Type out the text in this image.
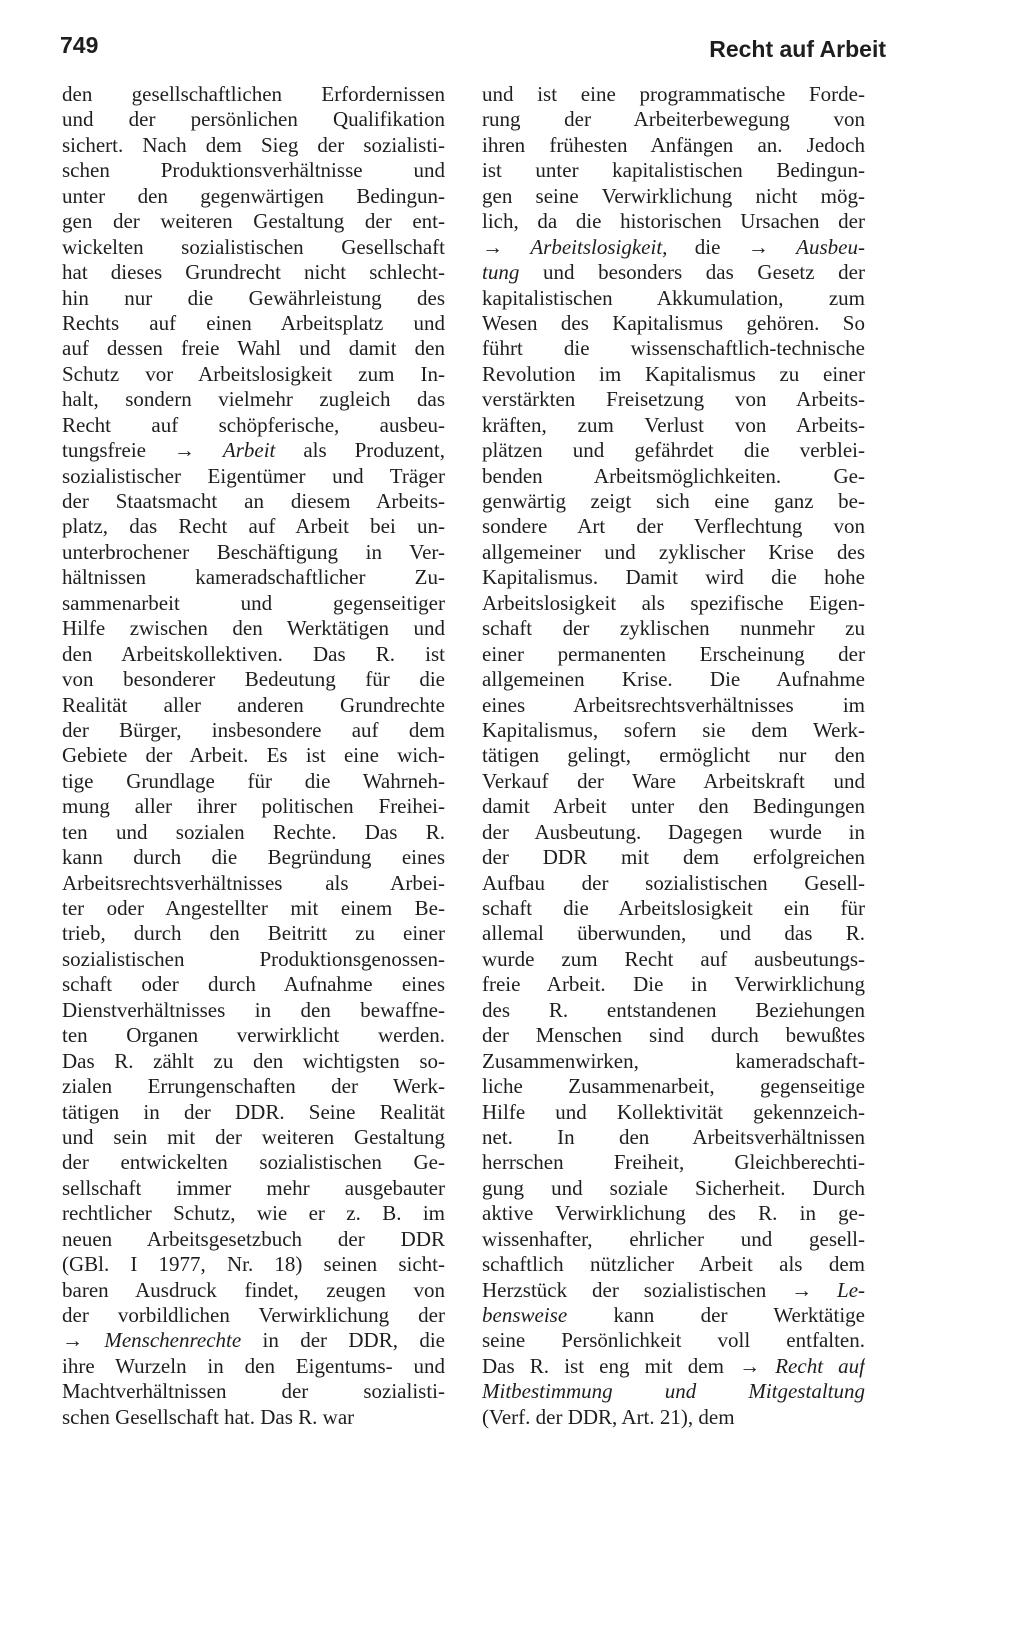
749	Recht auf Arbeit
den gesellschaftlichen Erfordernissen
und der persönlichen Qualifikation
sichert. Nach dem Sieg der sozialisti-
schen Produktionsverhältnisse und
unter den gegenwärtigen Bedingun-
gen der weiteren Gestaltung der ent-
wickelten sozialistischen Gesellschaft
hat dieses Grundrecht nicht schlecht-
hin nur die Gewährleistung des
Rechts auf einen Arbeitsplatz und
auf dessen freie Wahl und damit den
Schutz vor Arbeitslosigkeit zum In-
halt, sondern vielmehr zugleich das
Recht auf schöpferische, ausbeu-
tungsfreie → Arbeit als Produzent,
sozialistischer Eigentümer und Träger
der Staatsmacht an diesem Arbeits-
platz, das Recht auf Arbeit bei un-
unterbrochener Beschäftigung in Ver-
hältnissen kameradschaftlicher Zu-
sammenarbeit und gegenseitiger
Hilfe zwischen den Werktätigen und
den Arbeitskollektiven. Das R. ist
von besonderer Bedeutung für die
Realität aller anderen Grundrechte
der Bürger, insbesondere auf dem
Gebiete der Arbeit. Es ist eine wich-
tige Grundlage für die Wahrneh-
mung aller ihrer politischen Freihei-
ten und sozialen Rechte. Das R.
kann durch die Begründung eines
Arbeitsrechtsverhältnisses als Arbei-
ter oder Angestellter mit einem Be-
trieb, durch den Beitritt zu einer
sozialistischen Produktionsgenossen-
schaft oder durch Aufnahme eines
Dienstverhältnisses in den bewaffne-
ten Organen verwirklicht werden.
Das R. zählt zu den wichtigsten so-
zialen Errungenschaften der Werk-
tätigen in der DDR. Seine Realität
und sein mit der weiteren Gestaltung
der entwickelten sozialistischen Ge-
sellschaft immer mehr ausgebauter
rechtlicher Schutz, wie er z. B. im
neuen Arbeitsgesetzbuch der DDR
(GBl. I 1977, Nr. 18) seinen sicht-
baren Ausdruck findet, zeugen von
der vorbildlichen Verwirklichung der
→ Menschenrechte in der DDR, die
ihre Wurzeln in den Eigentums- und
Machtverhältnissen der sozialisti-
schen Gesellschaft hat. Das R. war
und ist eine programmatische Forde-
rung der Arbeiterbewegung von
ihren frühesten Anfängen an. Jedoch
ist unter kapitalistischen Bedingun-
gen seine Verwirklichung nicht mög-
lich, da die historischen Ursachen der
→ Arbeitslosigkeit, die → Ausbeu-
tung und besonders das Gesetz der
kapitalistischen Akkumulation, zum
Wesen des Kapitalismus gehören. So
führt die wissenschaftlich-technische
Revolution im Kapitalismus zu einer
verstärkten Freisetzung von Arbeits-
kräften, zum Verlust von Arbeits-
plätzen und gefährdet die verblei-
benden Arbeitsmöglichkeiten. Ge-
genwärtig zeigt sich eine ganz be-
sondere Art der Verflechtung von
allgemeiner und zyklischer Krise des
Kapitalismus. Damit wird die hohe
Arbeitslosigkeit als spezifische Eigen-
schaft der zyklischen nunmehr zu
einer permanenten Erscheinung der
allgemeinen Krise. Die Aufnahme
eines Arbeitsrechtsverhältnisses im
Kapitalismus, sofern sie dem Werk-
tätigen gelingt, ermöglicht nur den
Verkauf der Ware Arbeitskraft und
damit Arbeit unter den Bedingungen
der Ausbeutung. Dagegen wurde in
der DDR mit dem erfolgreichen
Aufbau der sozialistischen Gesell-
schaft die Arbeitslosigkeit ein für
allemal überwunden, und das R.
wurde zum Recht auf ausbeutungs-
freie Arbeit. Die in Verwirklichung
des R. entstandenen Beziehungen
der Menschen sind durch bewußtes
Zusammenwirken, kameradschaft-
liche Zusammenarbeit, gegenseitige
Hilfe und Kollektivität gekennzeich-
net. In den Arbeitsverhältnissen
herrschen Freiheit, Gleichberechti-
gung und soziale Sicherheit. Durch
aktive Verwirklichung des R. in ge-
wissenhafter, ehrlicher und gesell-
schaftlich nützlicher Arbeit als dem
Herzstück der sozialistischen → Le-
bensweise kann der Werktätige
seine Persönlichkeit voll entfalten.
Das R. ist eng mit dem → Recht auf
Mitbestimmung und Mitgestaltung
(Verf. der DDR, Art. 21), dem
